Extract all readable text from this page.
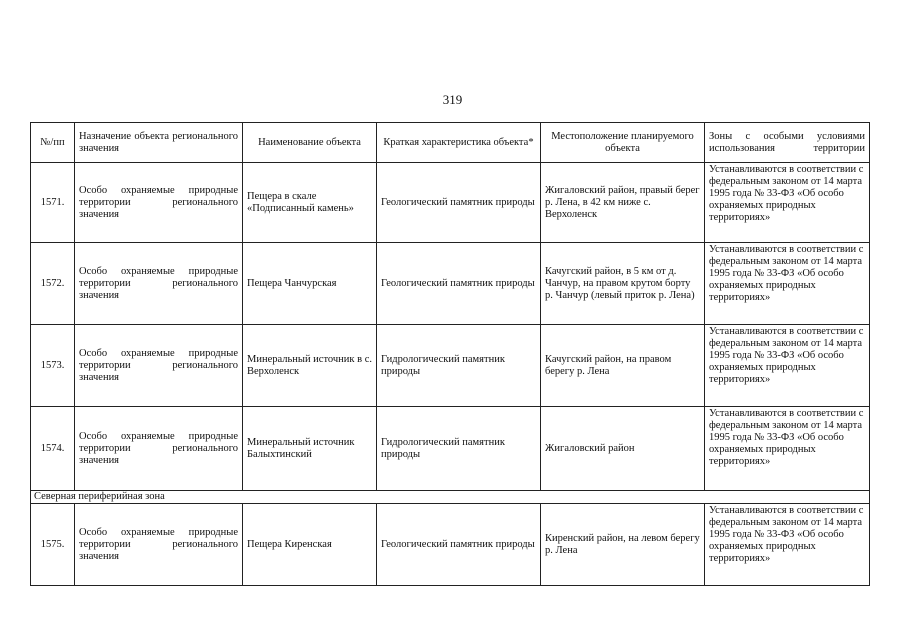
319
№/пп	Назначение объекта регионального значения	Наименование объекта	Краткая характеристика объекта*	Местоположение планируемого объекта	Зоны с особыми условиями использования территории
1571.	Особо охраняемые природные территории регионального значения	Пещера в скале «Подписанный камень»	Геологический памятник природы	Жигаловский район, правый берег р. Лена, в 42 км ниже с. Верхоленск	Устанавливаются в соответствии с федеральным законом от 14 марта 1995 года № 33-ФЗ «Об особо охраняемых природных территориях»
1572.	Особо охраняемые природные территории регионального значения	Пещера Чанчурская	Геологический памятник природы	Качугский район, в 5 км от д. Чанчур, на правом крутом борту р. Чанчур (левый приток р. Лена)	Устанавливаются в соответствии с федеральным законом от 14 марта 1995 года № 33-ФЗ «Об особо охраняемых природных территориях»
1573.	Особо охраняемые природные территории регионального значения	Минеральный источник в с. Верхоленск	Гидрологический памятник природы	Качугский район, на правом берегу р. Лена	Устанавливаются в соответствии с федеральным законом от 14 марта 1995 года № 33-ФЗ «Об особо охраняемых природных территориях»
1574.	Особо охраняемые природные территории регионального значения	Минеральный источник Балыхтинский	Гидрологический памятник природы	Жигаловский район	Устанавливаются в соответствии с федеральным законом от 14 марта 1995 года № 33-ФЗ «Об особо охраняемых природных территориях»
Северная периферийная зона					
1575.	Особо охраняемые природные территории регионального значения	Пещера Киренская	Геологический памятник природы	Киренский район, на левом берегу р. Лена	Устанавливаются в соответствии с федеральным законом от 14 марта 1995 года № 33-ФЗ «Об особо охраняемых природных территориях»
